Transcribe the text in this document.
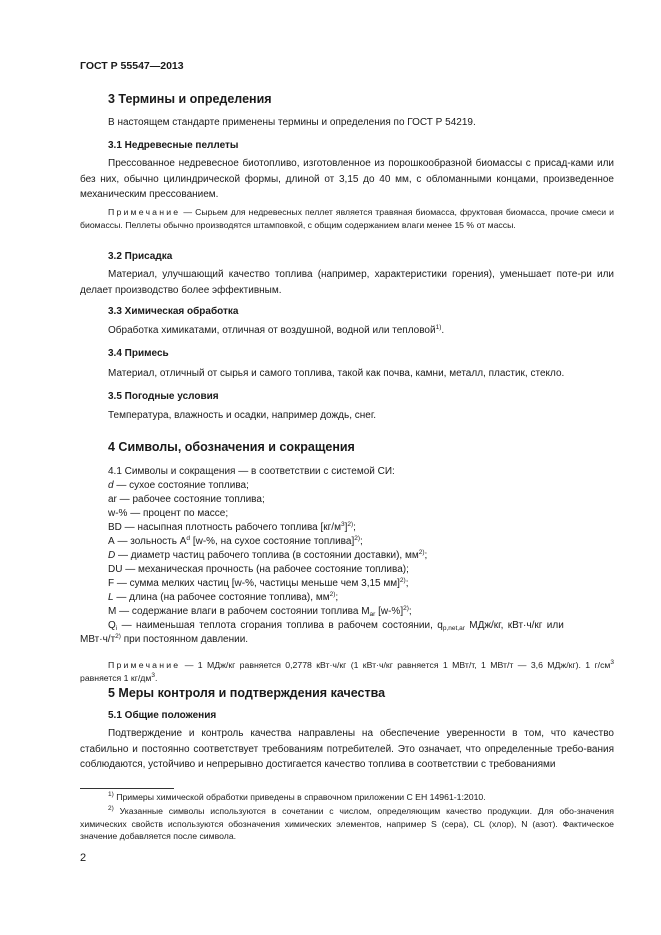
ГОСТ Р 55547—2013
3 Термины и определения
В настоящем стандарте применены термины и определения по ГОСТ Р 54219.
3.1 Недревесные пеллеты
Прессованное недревесное биотопливо, изготовленное из порошкообразной биомассы с присад-ками или без них, обычно цилиндрической формы, длиной от 3,15 до 40 мм, с обломанными концами, произведенное механическим прессованием.
Примечание — Сырьем для недревесных пеллет является травяная биомасса, фруктовая биомасса, прочие смеси и биомассы. Пеллеты обычно производятся штамповкой, с общим содержанием влаги менее 15 % от массы.
3.2 Присадка
Материал, улучшающий качество топлива (например, характеристики горения), уменьшает поте-ри или делает производство более эффективным.
3.3 Химическая обработка
Обработка химикатами, отличная от воздушной, водной или тепловой$^{1)}$.
3.4 Примесь
Материал, отличный от сырья и самого топлива, такой как почва, камни, металл, пластик, стекло.
3.5 Погодные условия
Температура, влажность и осадки, например дождь, снег.
4 Символы, обозначения и сокращения
4.1 Символы и сокращения — в соответствии с системой СИ:
d — сухое состояние топлива;
ar — рабочее состояние топлива;
w-% — процент по массе;
BD — насыпная плотность рабочего топлива $[кг/м^3]^{2)}$;
А — зольность $А^d$ [w-%, на сухое состояние топлива]$^{2)}$;
D — диаметр частиц рабочего топлива (в состоянии доставки), $мм^{2)}$;
DU — механическая прочность (на рабочее состояние топлива);
F — сумма мелких частиц [w-%, частицы меньше чем 3,15 мм]$^{2)}$;
L — длина (на рабочее состояние топлива), $мм^{2)}$;
M — содержание влаги в рабочем состоянии топлива $M_{ar}$ $[w-\%]^{2)}$;
$Q_i$ — наименьшая теплота сгорания топлива в рабочем состоянии, $q_{p,net,ar}$ МДж/кг, кВт·ч/кг или
$МВт\cdot ч/т^{2)}$ при постоянном давлении.
Примечание — 1 МДж/кг равняется 0,2778 кВт·ч/кг (1 кВт·ч/кг равняется 1 МВт/т, 1 МВт/т — 3,6 МДж/кг). 1 $г/см^3$ равняется 1 $кг/дм^3$.
5 Меры контроля и подтверждения качества
5.1 Общие положения
Подтверждение и контроль качества направлены на обеспечение уверенности в том, что качество стабильно и постоянно соответствует требованиям потребителей. Это означает, что определенные требо-вания соблюдаются, устойчиво и непрерывно достигается качество топлива в соответствии с требованиями
$^{1)}$ Примеры химической обработки приведены в справочном приложении С ЕН 14961-1:2010.
$^{2)}$ Указанные символы используются в сочетании с числом, определяющим качество продукции. Для обо-значения химических свойств используются обозначения химических элементов, например S (сера), CL (хлор), N (азот). Фактическое значение добавляется после символа.
2
